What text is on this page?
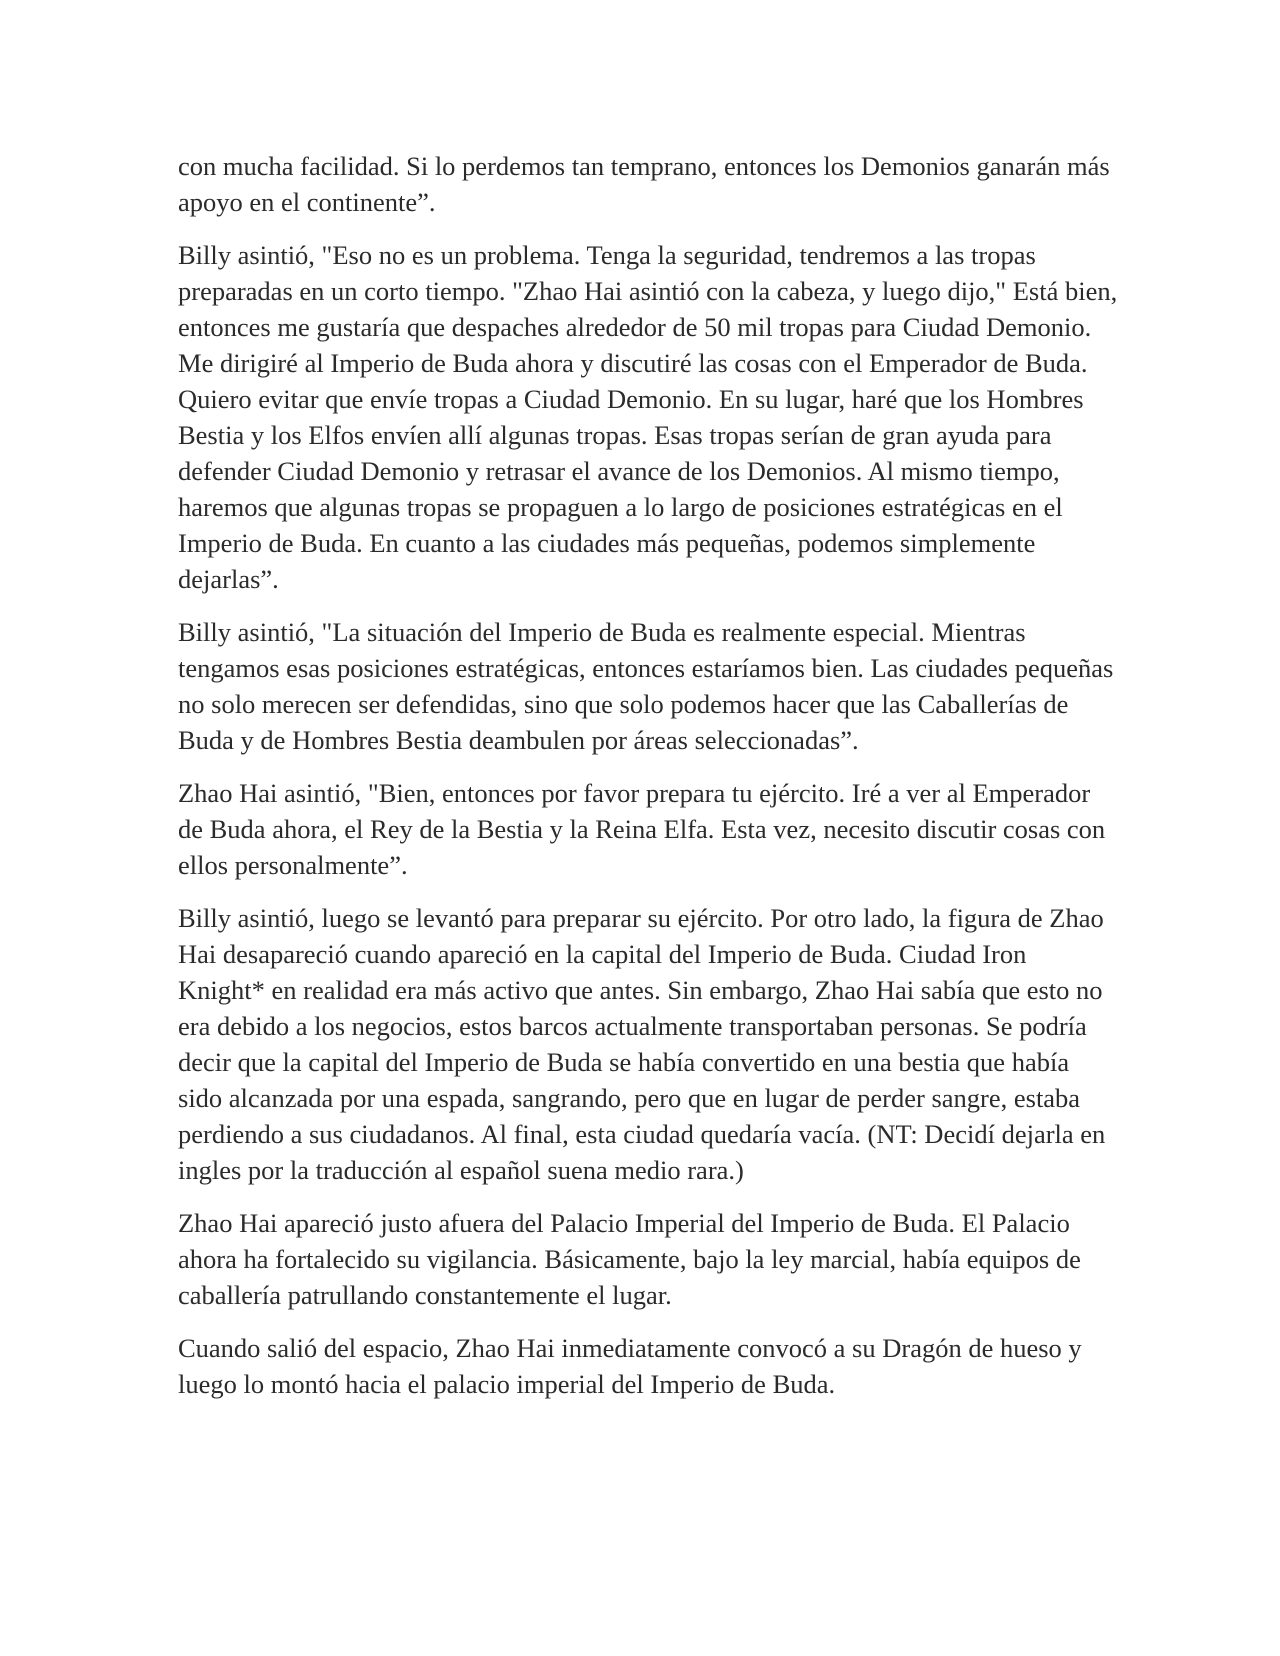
con mucha facilidad. Si lo perdemos tan temprano, entonces los Demonios ganarán más apoyo en el continente”.

Billy asintió, "Eso no es un problema. Tenga la seguridad, tendremos a las tropas preparadas en un corto tiempo. "Zhao Hai asintió con la cabeza, y luego dijo," Está bien, entonces me gustaría que despaches alrededor de 50 mil tropas para Ciudad Demonio. Me dirigiré al Imperio de Buda ahora y discutiré las cosas con el Emperador de Buda. Quiero evitar que envíe tropas a Ciudad Demonio. En su lugar, haré que los Hombres Bestia y los Elfos envíen allí algunas tropas. Esas tropas serían de gran ayuda para defender Ciudad Demonio y retrasar el avance de los Demonios. Al mismo tiempo, haremos que algunas tropas se propaguen a lo largo de posiciones estratégicas en el Imperio de Buda. En cuanto a las ciudades más pequeñas, podemos simplemente dejarlas”.

Billy asintió, "La situación del Imperio de Buda es realmente especial. Mientras tengamos esas posiciones estratégicas, entonces estaríamos bien. Las ciudades pequeñas no solo merecen ser defendidas, sino que solo podemos hacer que las Caballerías de Buda y de Hombres Bestia deambulen por áreas seleccionadas”.

Zhao Hai asintió, "Bien, entonces por favor prepara tu ejército. Iré a ver al Emperador de Buda ahora, el Rey de la Bestia y la Reina Elfa. Esta vez, necesito discutir cosas con ellos personalmente”.

Billy asintió, luego se levantó para preparar su ejército. Por otro lado, la figura de Zhao Hai desapareció cuando apareció en la capital del Imperio de Buda. Ciudad Iron Knight* en realidad era más activo que antes. Sin embargo, Zhao Hai sabía que esto no era debido a los negocios, estos barcos actualmente transportaban personas. Se podría decir que la capital del Imperio de Buda se había convertido en una bestia que había sido alcanzada por una espada, sangrando, pero que en lugar de perder sangre, estaba perdiendo a sus ciudadanos. Al final, esta ciudad quedaría vacía. (NT: Decidí dejarla en ingles por la traducción al español suena medio rara.)

Zhao Hai apareció justo afuera del Palacio Imperial del Imperio de Buda. El Palacio ahora ha fortalecido su vigilancia. Básicamente, bajo la ley marcial, había equipos de caballería patrullando constantemente el lugar.

Cuando salió del espacio, Zhao Hai inmediatamente convocó a su Dragón de hueso y luego lo montó hacia el palacio imperial del Imperio de Buda.
